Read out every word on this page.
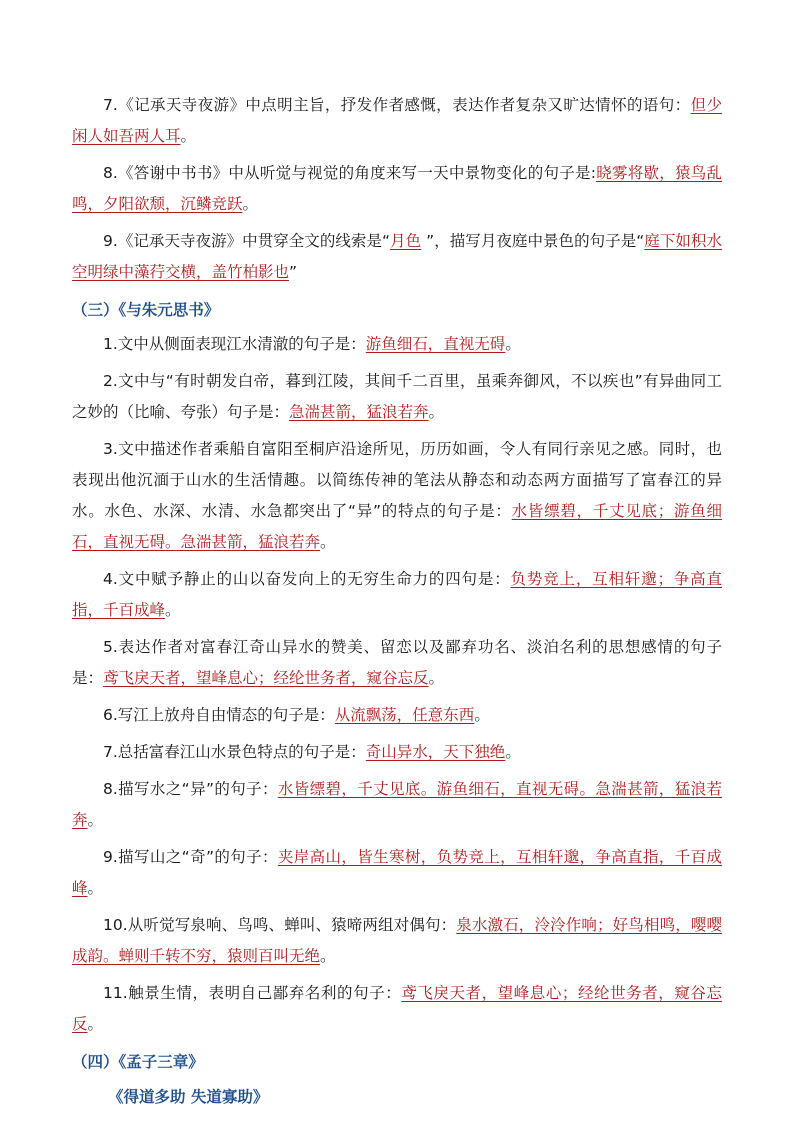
7.《记承天寺夜游》中点明主旨，抒发作者感慨，表达作者复杂又旷达情怀的语句：但少闲人如吾两人耳。

8.《答谢中书书》中从听觉与视觉的角度来写一天中景物变化的句子是:晓雾将歇，猿鸟乱鸣，夕阳欲颓，沉鳞竞跃。

9.《记承天寺夜游》中贯穿全文的线索是“月色 ”，描写月夜庭中景色的句子是“庭下如积水空明绿中藻荇交横，盖竹柏影也”

（三）《与朱元思书》

1.文中从侧面表现江水清澈的句子是：游鱼细石，直视无碍。

2.文中与“有时朝发白帝，暮到江陵，其间千二百里，虽乘奔御风，不以疾也”有异曲同工之妙的（比喻、夸张）句子是：急湍甚箭，猛浪若奔。

3.文中描述作者乘船自富阳至桐庐沿途所见，历历如画，令人有同行亲见之感。同时，也表现出他沉湎于山水的生活情趣。以简练传神的笔法从静态和动态两方面描写了富春江的异水。水色、水深、水清、水急都突出了“异”的特点的句子是：水皆缥碧，千丈见底；游鱼细石，直视无碍。急湍甚箭，猛浪若奔。

4.文中赋予静止的山以奋发向上的无穷生命力的四句是：负势竞上，互相轩邈；争高直指，千百成峰。

5.表达作者对富春江奇山异水的赞美、留恋以及鄙弃功名、淡泊名利的思想感情的句子是：鸢飞戾天者，望峰息心；经纶世务者，窥谷忘反。

6.写江上放舟自由情态的句子是：从流飘荡，任意东西。

7.总括富春江山水景色特点的句子是：奇山异水，天下独绝。

8.描写水之“异”的句子：水皆缥碧，千丈见底。游鱼细石，直视无碍。急湍甚箭，猛浪若奔。

9.描写山之“奇”的句子：夹岸高山，皆生寒树，负势竞上，互相轩邈，争高直指，千百成峰。

10.从听觉写泉响、鸟鸣、蝉叫、猿啼两组对偶句：泉水激石，泠泠作响；好鸟相鸣，嘤嘤成韵。蝉则千转不穷，猿则百叫无绝。

11.触景生情，表明自己鄙弃名利的句子：鸢飞戾天者，望峰息心；经纶世务者，窥谷忘反。

（四）《孟子三章》
《得道多助 失道寡助》
